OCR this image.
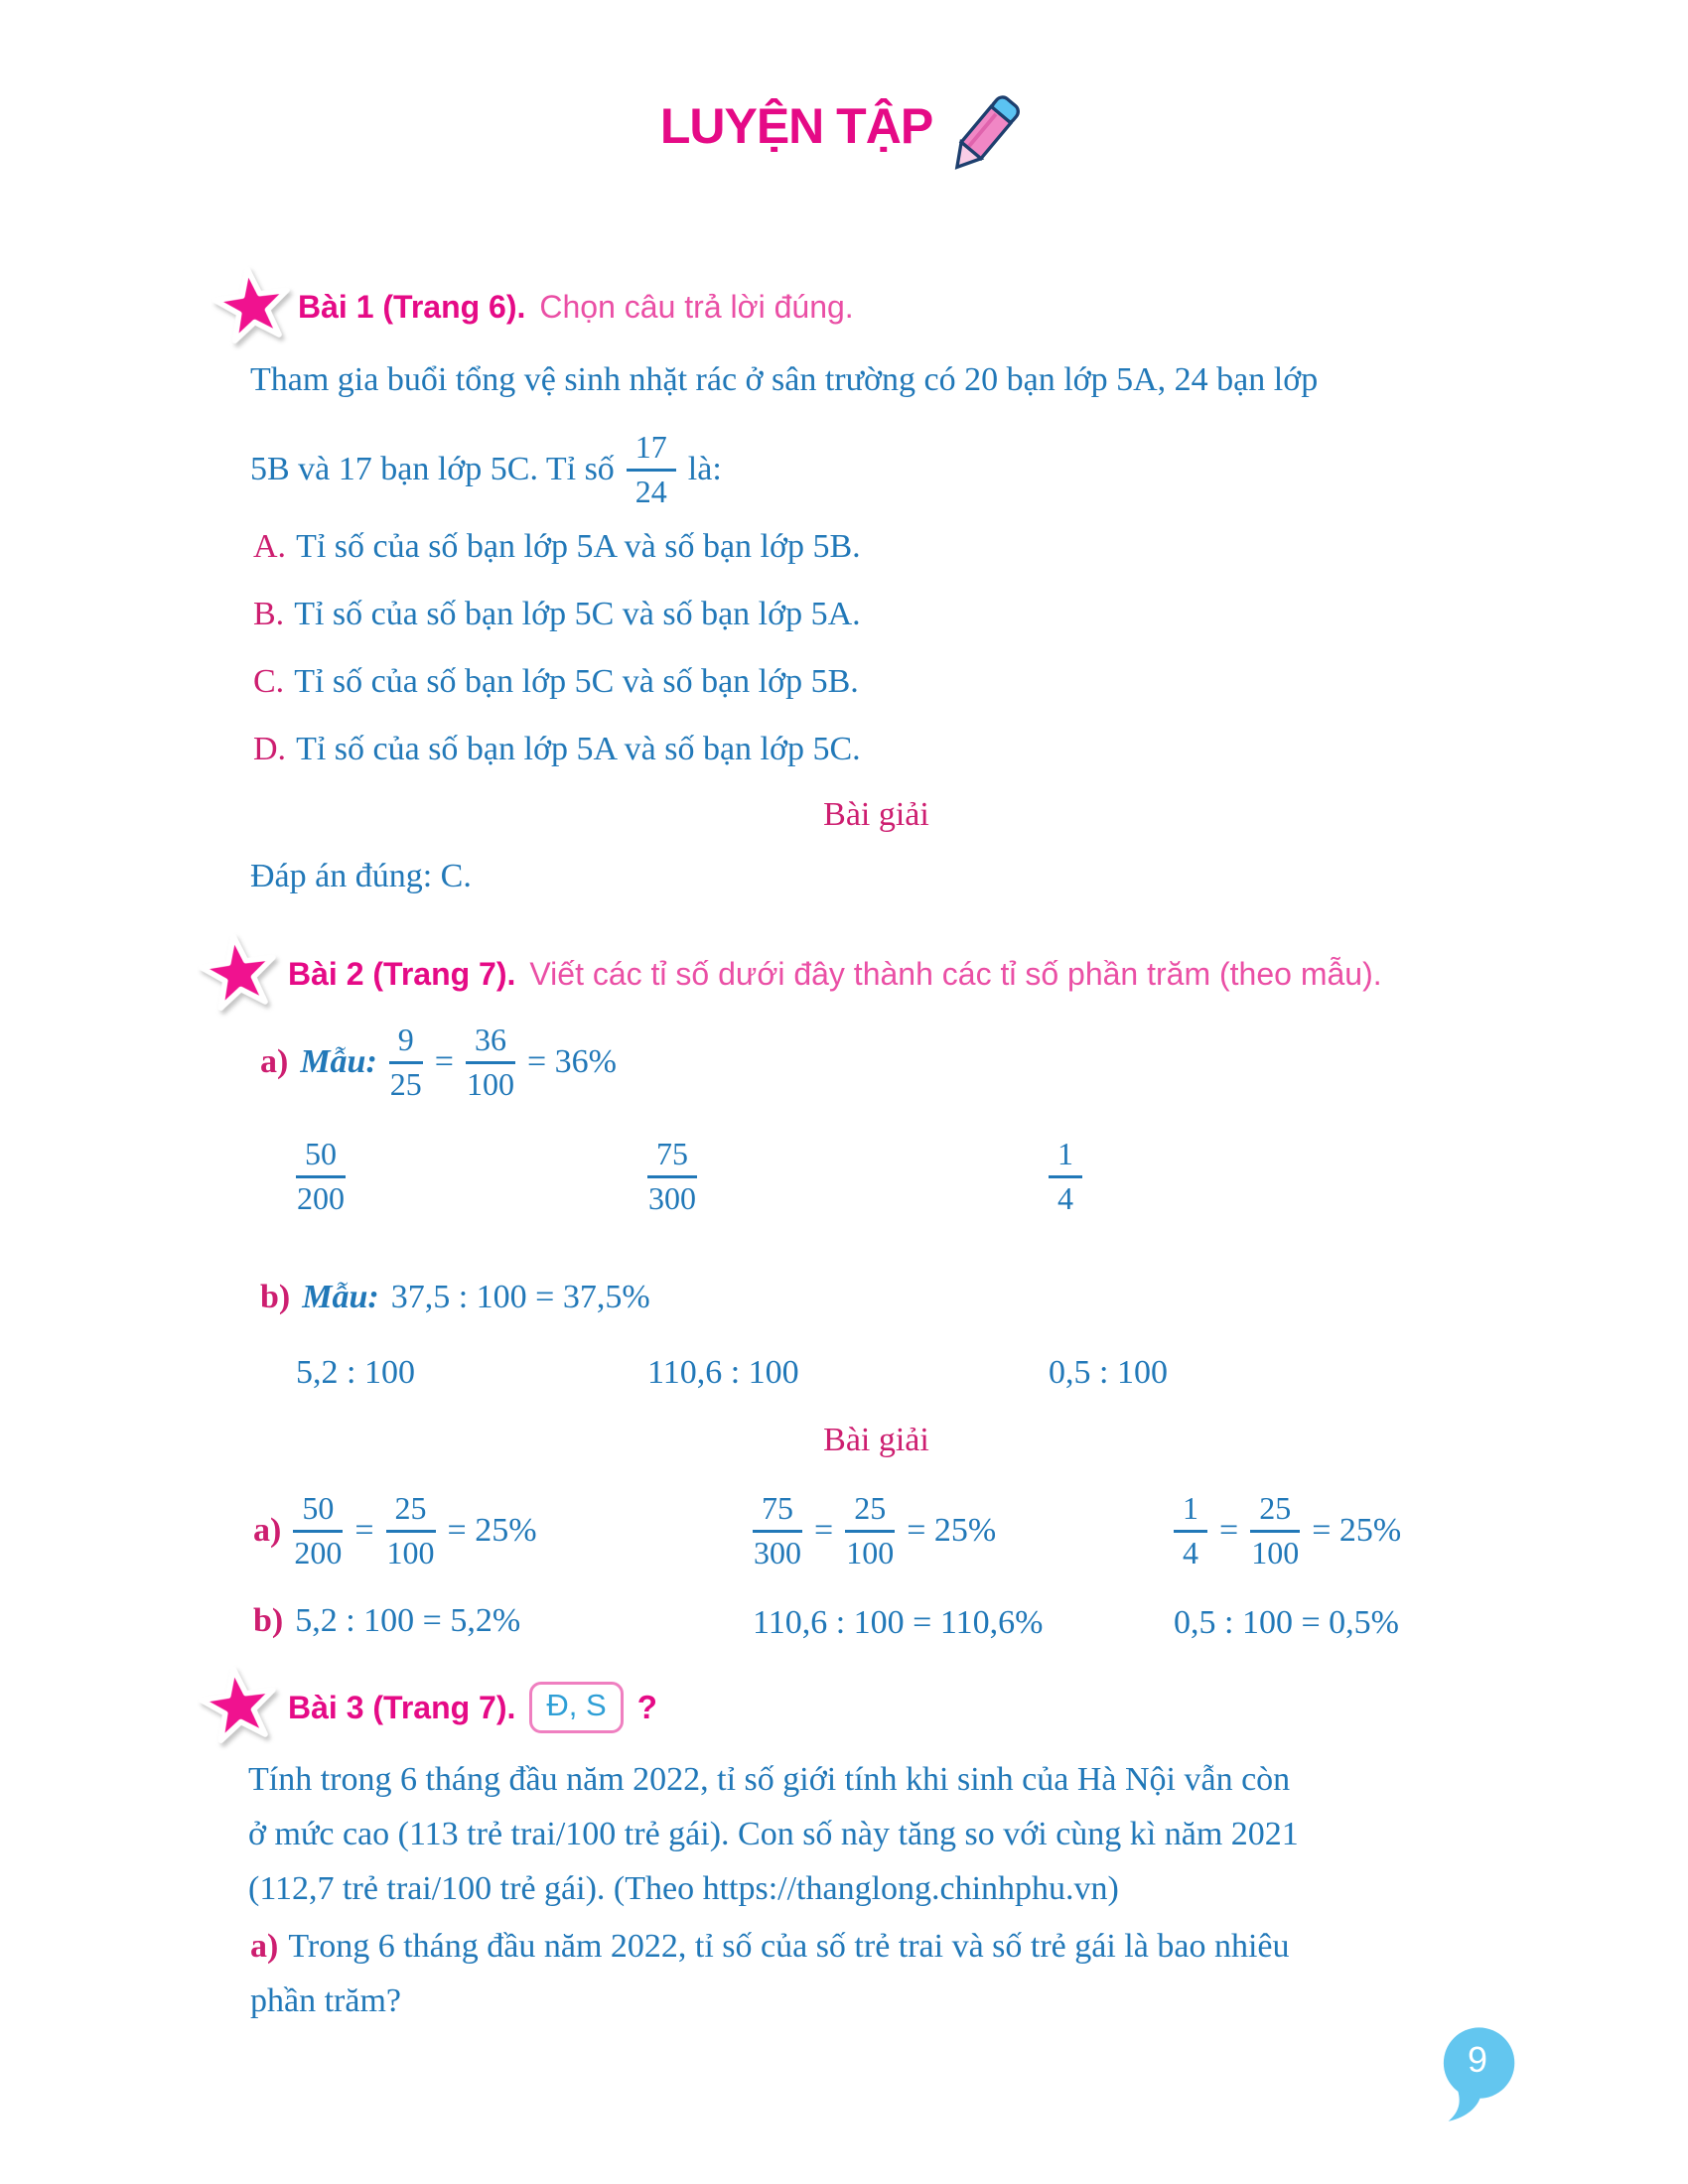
LUYỆN TẬP
Bài 1 (Trang 6). Chọn câu trả lời đúng.
Tham gia buổi tổng vệ sinh nhặt rác ở sân trường có 20 bạn lớp 5A, 24 bạn lớp
5B và 17 bạn lớp 5C. Tỉ số $\frac{17}{24}$ là:
A. Tỉ số của số bạn lớp 5A và số bạn lớp 5B.
B. Tỉ số của số bạn lớp 5C và số bạn lớp 5A.
C. Tỉ số của số bạn lớp 5C và số bạn lớp 5B.
D. Tỉ số của số bạn lớp 5A và số bạn lớp 5C.
Bài giải
Đáp án đúng: C.
Bài 2 (Trang 7). Viết các tỉ số dưới đây thành các tỉ số phần trăm (theo mẫu).
a) Mẫu: $\frac{9}{25} = \frac{36}{100} = 36\%$
$\frac{50}{200}$	$\frac{75}{300}$	$\frac{1}{4}$
b) Mẫu: 37,5 : 100 = 37,5%
5,2 : 100	110,6 : 100	0,5 : 100
Bài giải
$a) \frac{50}{200} = \frac{25}{100} = 25\%$	$\frac{75}{300} = \frac{25}{100} = 25\%$	$\frac{1}{4} = \frac{25}{100} = 25\%$
b) 5,2 : 100 = 5,2%	110,6 : 100 = 110,6%	0,5 : 100 = 0,5%
Bài 3 (Trang 7).	Đ, S ?
Tính trong 6 tháng đầu năm 2022, tỉ số giới tính khi sinh của Hà Nội vẫn còn
ở mức cao (113 trẻ trai/100 trẻ gái). Con số này tăng so với cùng kì năm 2021
(112,7 trẻ trai/100 trẻ gái). (Theo https://thanglong.chinhphu.vn)
a) Trong 6 tháng đầu năm 2022, tỉ số của số trẻ trai và số trẻ gái là bao nhiêu
phần trăm?
9
